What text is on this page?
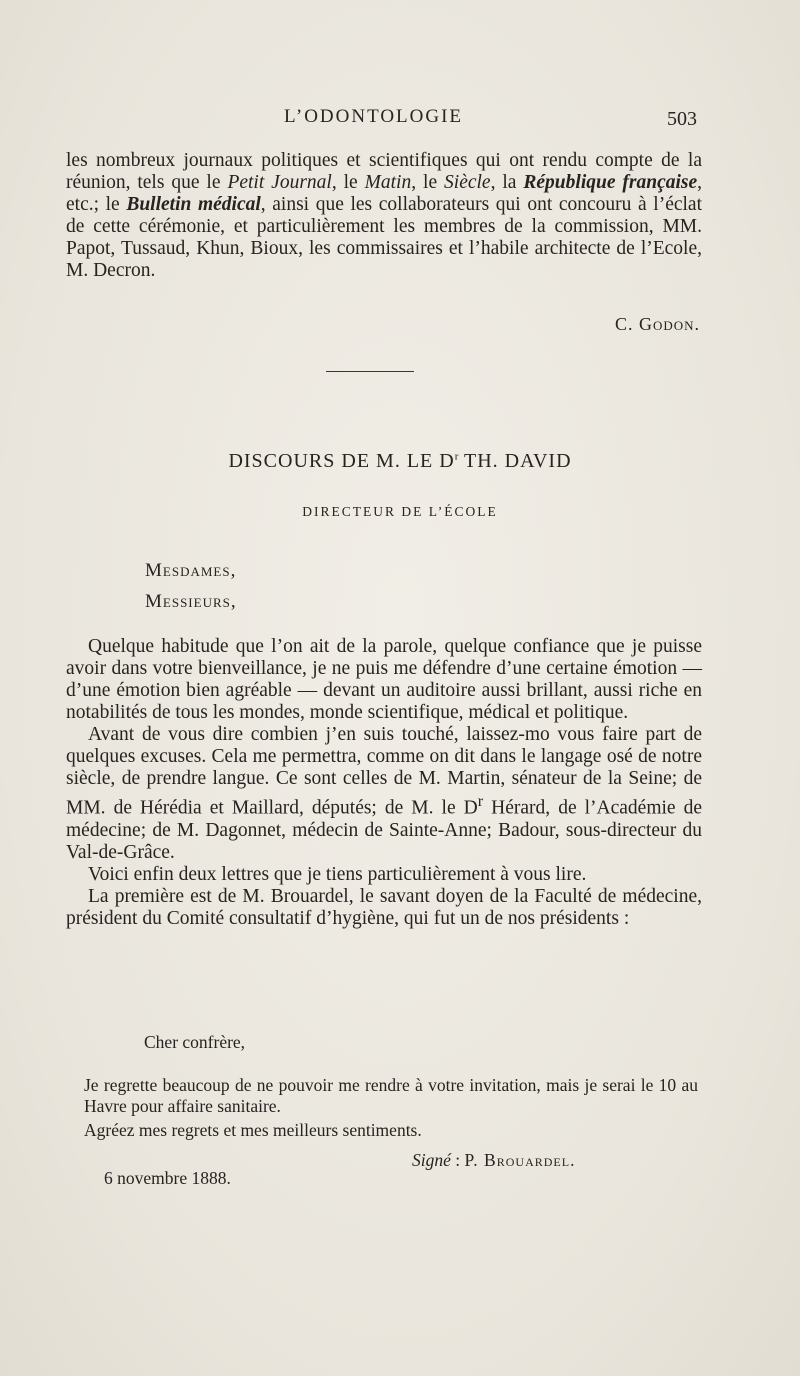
L’ODONTOLOGIE	503

les nombreux journaux politiques et scientifiques qui ont rendu compte de la réunion, tels que le Petit Journal, le Matin, le Siècle, la République française, etc.; le Bulletin médical, ainsi que les collaborateurs qui ont concouru à l’éclat de cette cérémonie, et particulièrement les membres de la commission, MM. Papot, Tussaud, Khun, Bioux, les commissaires et l’habile architecte de l’Ecole, M. Decron.

C. Godon.
DISCOURS DE M. LE $D^r$ TH. DAVID
DIRECTEUR DE L’ÉCOLE
Mesdames,
Messieurs,

Quelque habitude que l’on ait de la parole, quelque confiance que je puisse avoir dans votre bienveillance, je ne puis me défendre d’une certaine émotion — d’une émotion bien agréable — devant un auditoire aussi brillant, aussi riche en notabilités de tous les mondes, monde scientifique, médical et politique.

Avant de vous dire combien j’en suis touché, laissez-mo vous faire part de quelques excuses. Cela me permettra, comme on dit dans le langage osé de notre siècle, de prendre langue. Ce sont celles de M. Martin, sénateur de la Seine; de MM. de Hérédia et Maillard, députés; de M. le $D^r$ Hérard, de l’Académie de médecine; de M. Dagonnet, médecin de Sainte-Anne; Badour, sous-directeur du Val-de-Grâce.

Voici enfin deux lettres que je tiens particulièrement à vous lire.

La première est de M. Brouardel, le savant doyen de la Faculté de médecine, président du Comité consultatif d’hygiène, qui fut un de nos présidents :

Cher confrère,

Je regrette beaucoup de ne pouvoir me rendre à votre invitation, mais je serai le 10 au Havre pour affaire sanitaire.

Agréez mes regrets et mes meilleurs sentiments.

Signé : P. Brouardel.
6 novembre 1888.
